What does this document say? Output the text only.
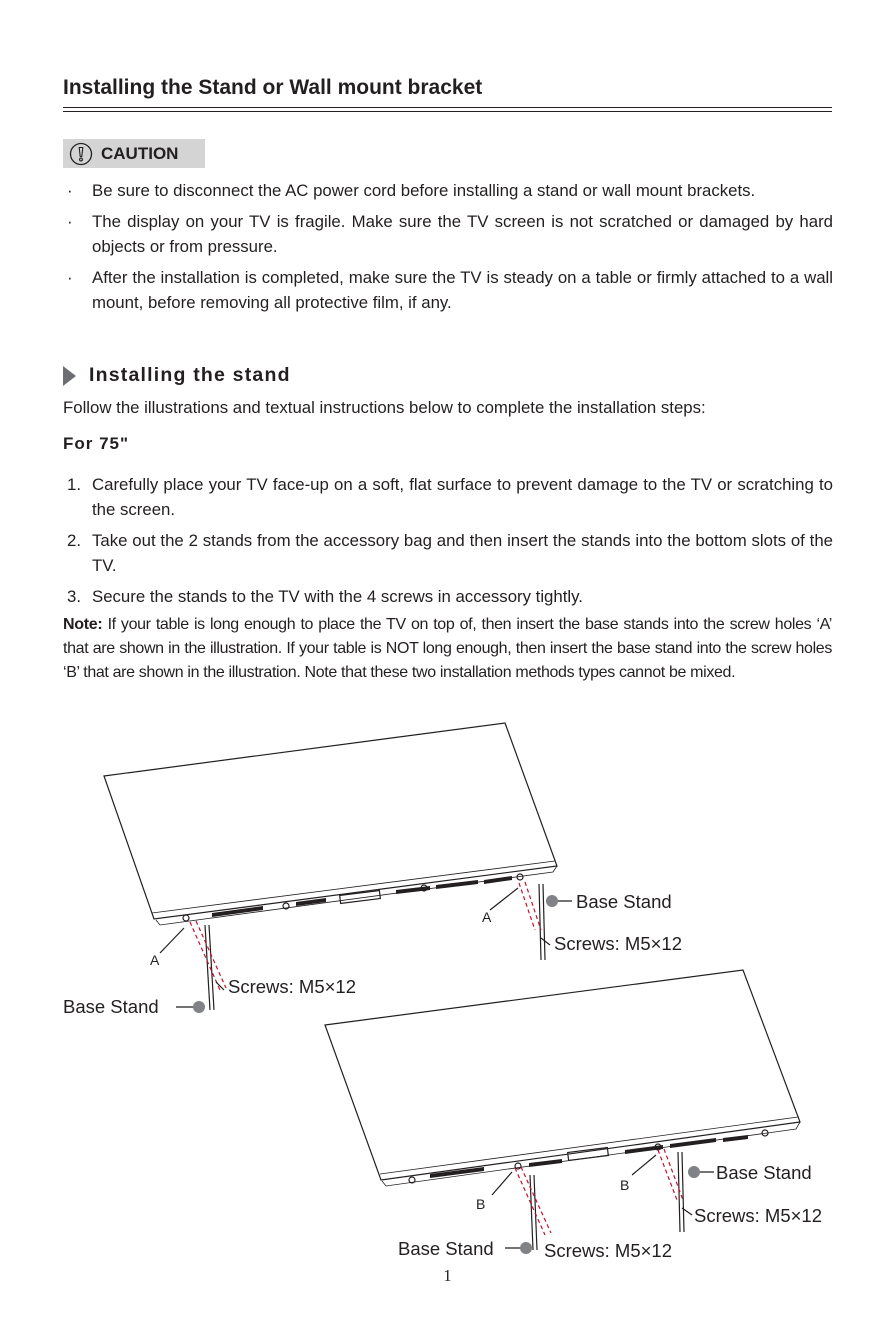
Installing the Stand or Wall mount bracket
CAUTION
· Be sure to disconnect the AC power cord before installing a stand or wall mount brackets.
· The display on your TV is fragile. Make sure the TV screen is not scratched or damaged by hard objects or from pressure.
· After the installation is completed, make sure the TV is steady on a table or firmly attached to a wall mount, before removing all protective film, if any.
Installing the stand

Follow the illustrations and textual instructions below to complete the installation steps:

For 75"

1. Carefully place your TV face-up on a soft, flat surface to prevent damage to the TV or scratching to the screen.
2. Take out the 2 stands from the accessory bag and then insert the stands into the bottom slots of the TV.
3. Secure the stands to the TV with the 4 screws in accessory tightly.

Note: If your table is long enough to place the TV on top of, then insert the base stands into the screw holes ‘A’ that are shown in the illustration. If your table is NOT long enough, then insert the base stand into the screw holes ‘B’ that are shown in the illustration. Note that these two installation methods types cannot be mixed.

A
A
Base Stand
Screws: M5×12
Screws: M5×12
Base Stand
B
B
Base Stand
Screws: M5×12
Base Stand	Screws: M5×12
1
